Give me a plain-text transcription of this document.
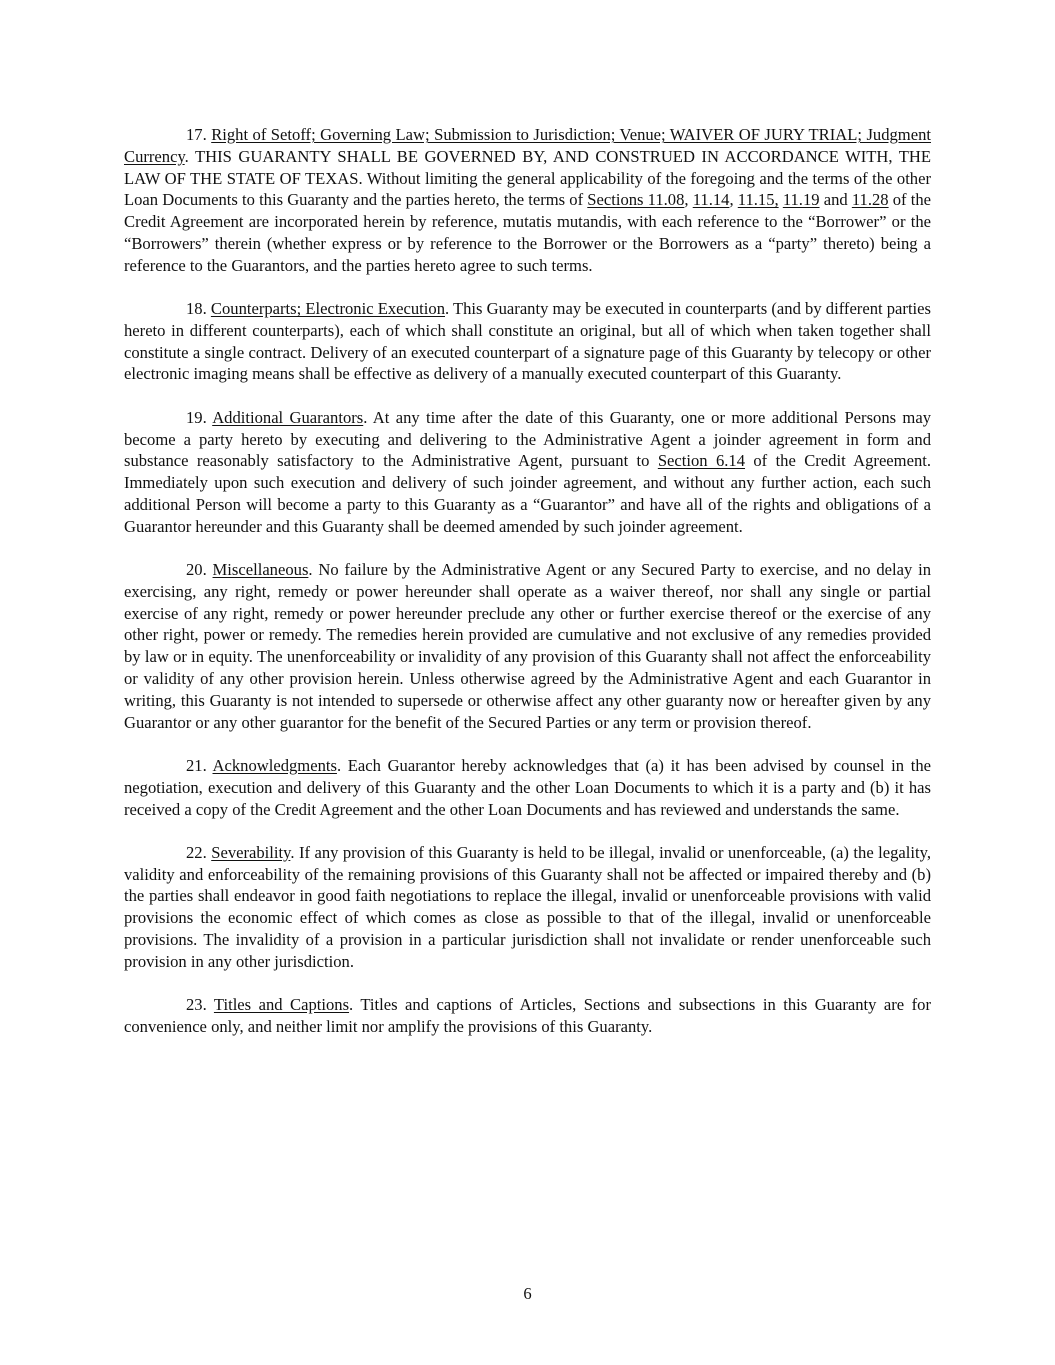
17. Right of Setoff; Governing Law; Submission to Jurisdiction; Venue; WAIVER OF JURY TRIAL; Judgment Currency. THIS GUARANTY SHALL BE GOVERNED BY, AND CONSTRUED IN ACCORDANCE WITH, THE LAW OF THE STATE OF TEXAS. Without limiting the general applicability of the foregoing and the terms of the other Loan Documents to this Guaranty and the parties hereto, the terms of Sections 11.08, 11.14, 11.15, 11.19 and 11.28 of the Credit Agreement are incorporated herein by reference, mutatis mutandis, with each reference to the “Borrower” or the “Borrowers” therein (whether express or by reference to the Borrower or the Borrowers as a “party” thereto) being a reference to the Guarantors, and the parties hereto agree to such terms.

18. Counterparts; Electronic Execution. This Guaranty may be executed in counterparts (and by different parties hereto in different counterparts), each of which shall constitute an original, but all of which when taken together shall constitute a single contract. Delivery of an executed counterpart of a signature page of this Guaranty by telecopy or other electronic imaging means shall be effective as delivery of a manually executed counterpart of this Guaranty.

19. Additional Guarantors. At any time after the date of this Guaranty, one or more additional Persons may become a party hereto by executing and delivering to the Administrative Agent a joinder agreement in form and substance reasonably satisfactory to the Administrative Agent, pursuant to Section 6.14 of the Credit Agreement. Immediately upon such execution and delivery of such joinder agreement, and without any further action, each such additional Person will become a party to this Guaranty as a “Guarantor” and have all of the rights and obligations of a Guarantor hereunder and this Guaranty shall be deemed amended by such joinder agreement.

20. Miscellaneous. No failure by the Administrative Agent or any Secured Party to exercise, and no delay in exercising, any right, remedy or power hereunder shall operate as a waiver thereof, nor shall any single or partial exercise of any right, remedy or power hereunder preclude any other or further exercise thereof or the exercise of any other right, power or remedy. The remedies herein provided are cumulative and not exclusive of any remedies provided by law or in equity. The unenforceability or invalidity of any provision of this Guaranty shall not affect the enforceability or validity of any other provision herein. Unless otherwise agreed by the Administrative Agent and each Guarantor in writing, this Guaranty is not intended to supersede or otherwise affect any other guaranty now or hereafter given by any Guarantor or any other guarantor for the benefit of the Secured Parties or any term or provision thereof.

21. Acknowledgments. Each Guarantor hereby acknowledges that (a) it has been advised by counsel in the negotiation, execution and delivery of this Guaranty and the other Loan Documents to which it is a party and (b) it has received a copy of the Credit Agreement and the other Loan Documents and has reviewed and understands the same.

22. Severability. If any provision of this Guaranty is held to be illegal, invalid or unenforceable, (a) the legality, validity and enforceability of the remaining provisions of this Guaranty shall not be affected or impaired thereby and (b) the parties shall endeavor in good faith negotiations to replace the illegal, invalid or unenforceable provisions with valid provisions the economic effect of which comes as close as possible to that of the illegal, invalid or unenforceable provisions. The invalidity of a provision in a particular jurisdiction shall not invalidate or render unenforceable such provision in any other jurisdiction.

23. Titles and Captions. Titles and captions of Articles, Sections and subsections in this Guaranty are for convenience only, and neither limit nor amplify the provisions of this Guaranty.

6
